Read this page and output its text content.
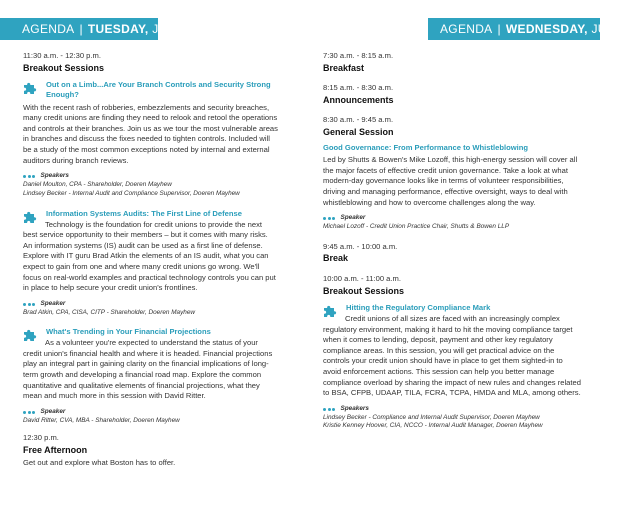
AGENDA | TUESDAY, JUNE 25	AGENDA | WEDNESDAY, JUNE 26
11:30 a.m. - 12:30 p.m.
Breakout Sessions
Out on a Limb...Are Your Branch Controls and Security Strong Enough?
With the recent rash of robberies, embezzlements and security breaches, many credit unions are finding they need to relook and retool the operations and controls at their branches. Join us as we tour the most vulnerable areas in branches and discuss the fixes needed to tighten controls. Included will be a study of the most common exceptions noted by internal and external auditors during branch reviews.
Speakers
Daniel Moulton, CPA - Shareholder, Doeren Mayhew
Lindsey Becker - Internal Audit and Compliance Supervisor, Doeren Mayhew
Information Systems Audits: The First Line of Defense
Technology is the foundation for credit unions to provide the next best service opportunity to their members – but it comes with many risks. An information systems (IS) audit can be used as a first line of defense. Explore with IT guru Brad Atkin the elements of an IS audit, what you can expect to gain from one and where many credit unions go wrong. We'll focus on real-world examples and practical technology controls you can put in place to help secure your credit union's frontlines.
Speaker
Brad Atkin, CPA, CISA, CITP - Shareholder, Doeren Mayhew
What's Trending in Your Financial Projections
As a volunteer you're expected to understand the status of your credit union's financial health and where it is headed. Financial projections play an integral part in gaining clarity on the financial implications of long-term growth and developing a financial road map. Explore the common quantitative and qualitative elements of financial projections, what they mean and much more in this session with David Ritter.
Speaker
David Ritter, CVA, MBA - Shareholder, Doeren Mayhew
12:30 p.m.
Free Afternoon
Get out and explore what Boston has to offer.
7:30 a.m. - 8:15 a.m.
Breakfast
8:15 a.m. - 8:30 a.m.
Announcements
8:30 a.m. - 9:45 a.m.
General Session
Good Governance: From Performance to Whistleblowing
Led by Shutts & Bowen's Mike Lozoff, this high-energy session will cover all the major facets of effective credit union governance. Take a look at what modern-day governance looks like in terms of volunteer responsibilities, driving and managing performance, effective oversight, ways to deal with whistleblowing and how to overcome challenges along the way.
Speaker
Michael Lozoff - Credit Union Practice Chair, Shutts & Bowen LLP
9:45 a.m. - 10:00 a.m.
Break
10:00 a.m. - 11:00 a.m.
Breakout Sessions
Hitting the Regulatory Compliance Mark
Credit unions of all sizes are faced with an increasingly complex regulatory environment, making it hard to hit the moving compliance target when it comes to lending, deposit, payment and other key regulatory compliance areas. In this session, you will get practical advice on the controls your credit union should have in place to get them sighted-in to avoid enforcement actions. This session can help you better manage compliance overload by sharing the impact of new rules and changes related to BSA, CFPB, UDAAP, TILA, FCRA, TCPA, HMDA and MLA, among others.
Speakers
Lindsey Becker - Compliance and Internal Audit Supervisor, Doeren Mayhew
Kristie Kenney Hoover, CIA, NCCO - Internal Audit Manager, Doeren Mayhew
